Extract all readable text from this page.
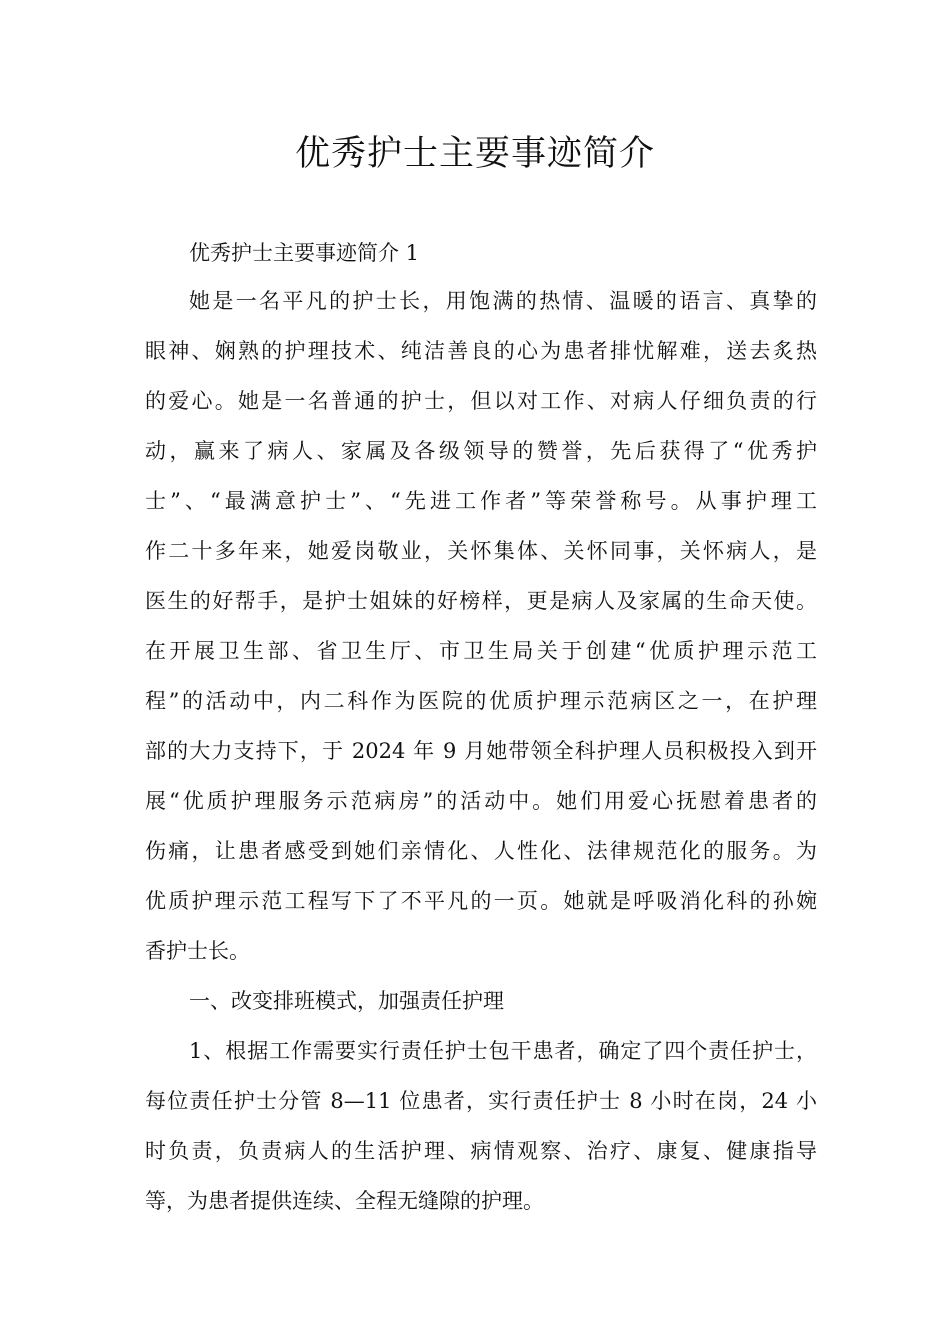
优秀护士主要事迹简介

优秀护士主要事迹简介 1

她是一名平凡的护士长，用饱满的热情、温暖的语言、真挚的

眼神、娴熟的护理技术、纯洁善良的心为患者排忧解难，送去炙热

的爱心。她是一名普通的护士，但以对工作、对病人仔细负责的行

动，赢来了病人、家属及各级领导的赞誉，先后获得了“优秀护

士”、“最满意护士”、“先进工作者”等荣誉称号。从事护理工

作二十多年来，她爱岗敬业，关怀集体、关怀同事，关怀病人，是

医生的好帮手，是护士姐妹的好榜样，更是病人及家属的生命天使。

在开展卫生部、省卫生厅、市卫生局关于创建“优质护理示范工

程”的活动中，内二科作为医院的优质护理示范病区之一，在护理

部的大力支持下，于 2024 年 9 月她带领全科护理人员积极投入到开

展“优质护理服务示范病房”的活动中。她们用爱心抚慰着患者的

伤痛，让患者感受到她们亲情化、人性化、法律规范化的服务。为

优质护理示范工程写下了不平凡的一页。她就是呼吸消化科的孙婉

香护士长。

一、改变排班模式，加强责任护理

1、根据工作需要实行责任护士包干患者，确定了四个责任护士，

每位责任护士分管 8—11 位患者，实行责任护士 8 小时在岗，24 小

时负责，负责病人的生活护理、病情观察、治疗、康复、健康指导

等，为患者提供连续、全程无缝隙的护理。
